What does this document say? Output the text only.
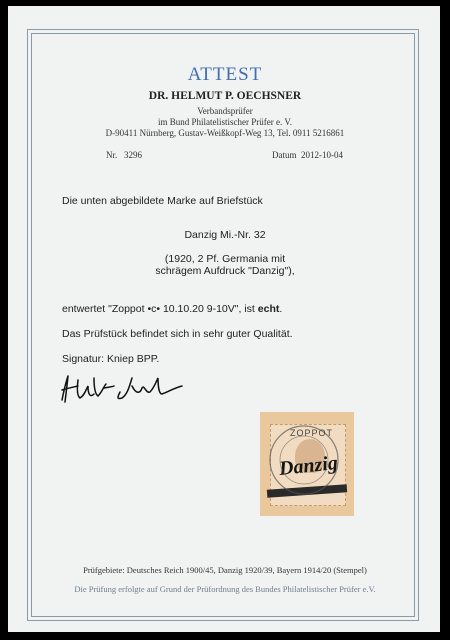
ATTEST
DR. HELMUT P. OECHSNER
Verbandsprüfer
im Bund Philatelistischer Prüfer e. V.
D-90411 Nürnberg, Gustav-Weißkopf-Weg 13, Tel. 0911 5216861
Nr. 3296	Datum 2012-10-04
Die unten abgebildete Marke auf Briefstück
Danzig Mi.-Nr. 32
(1920, 2 Pf. Germania mit
schrägem Aufdruck "Danzig"),
entwertet "Zoppot •c• 10.10.20 9-10V", ist echt.
Das Prüfstück befindet sich in sehr guter Qualität.
Signatur: Kniep BPP.
Danzig
ZOPPOT
Prüfgebiete: Deutsches Reich 1900/45, Danzig 1920/39, Bayern 1914/20 (Stempel)
Die Prüfung erfolgte auf Grund der Prüfordnung des Bundes Philatelistischer Prüfer e.V.
